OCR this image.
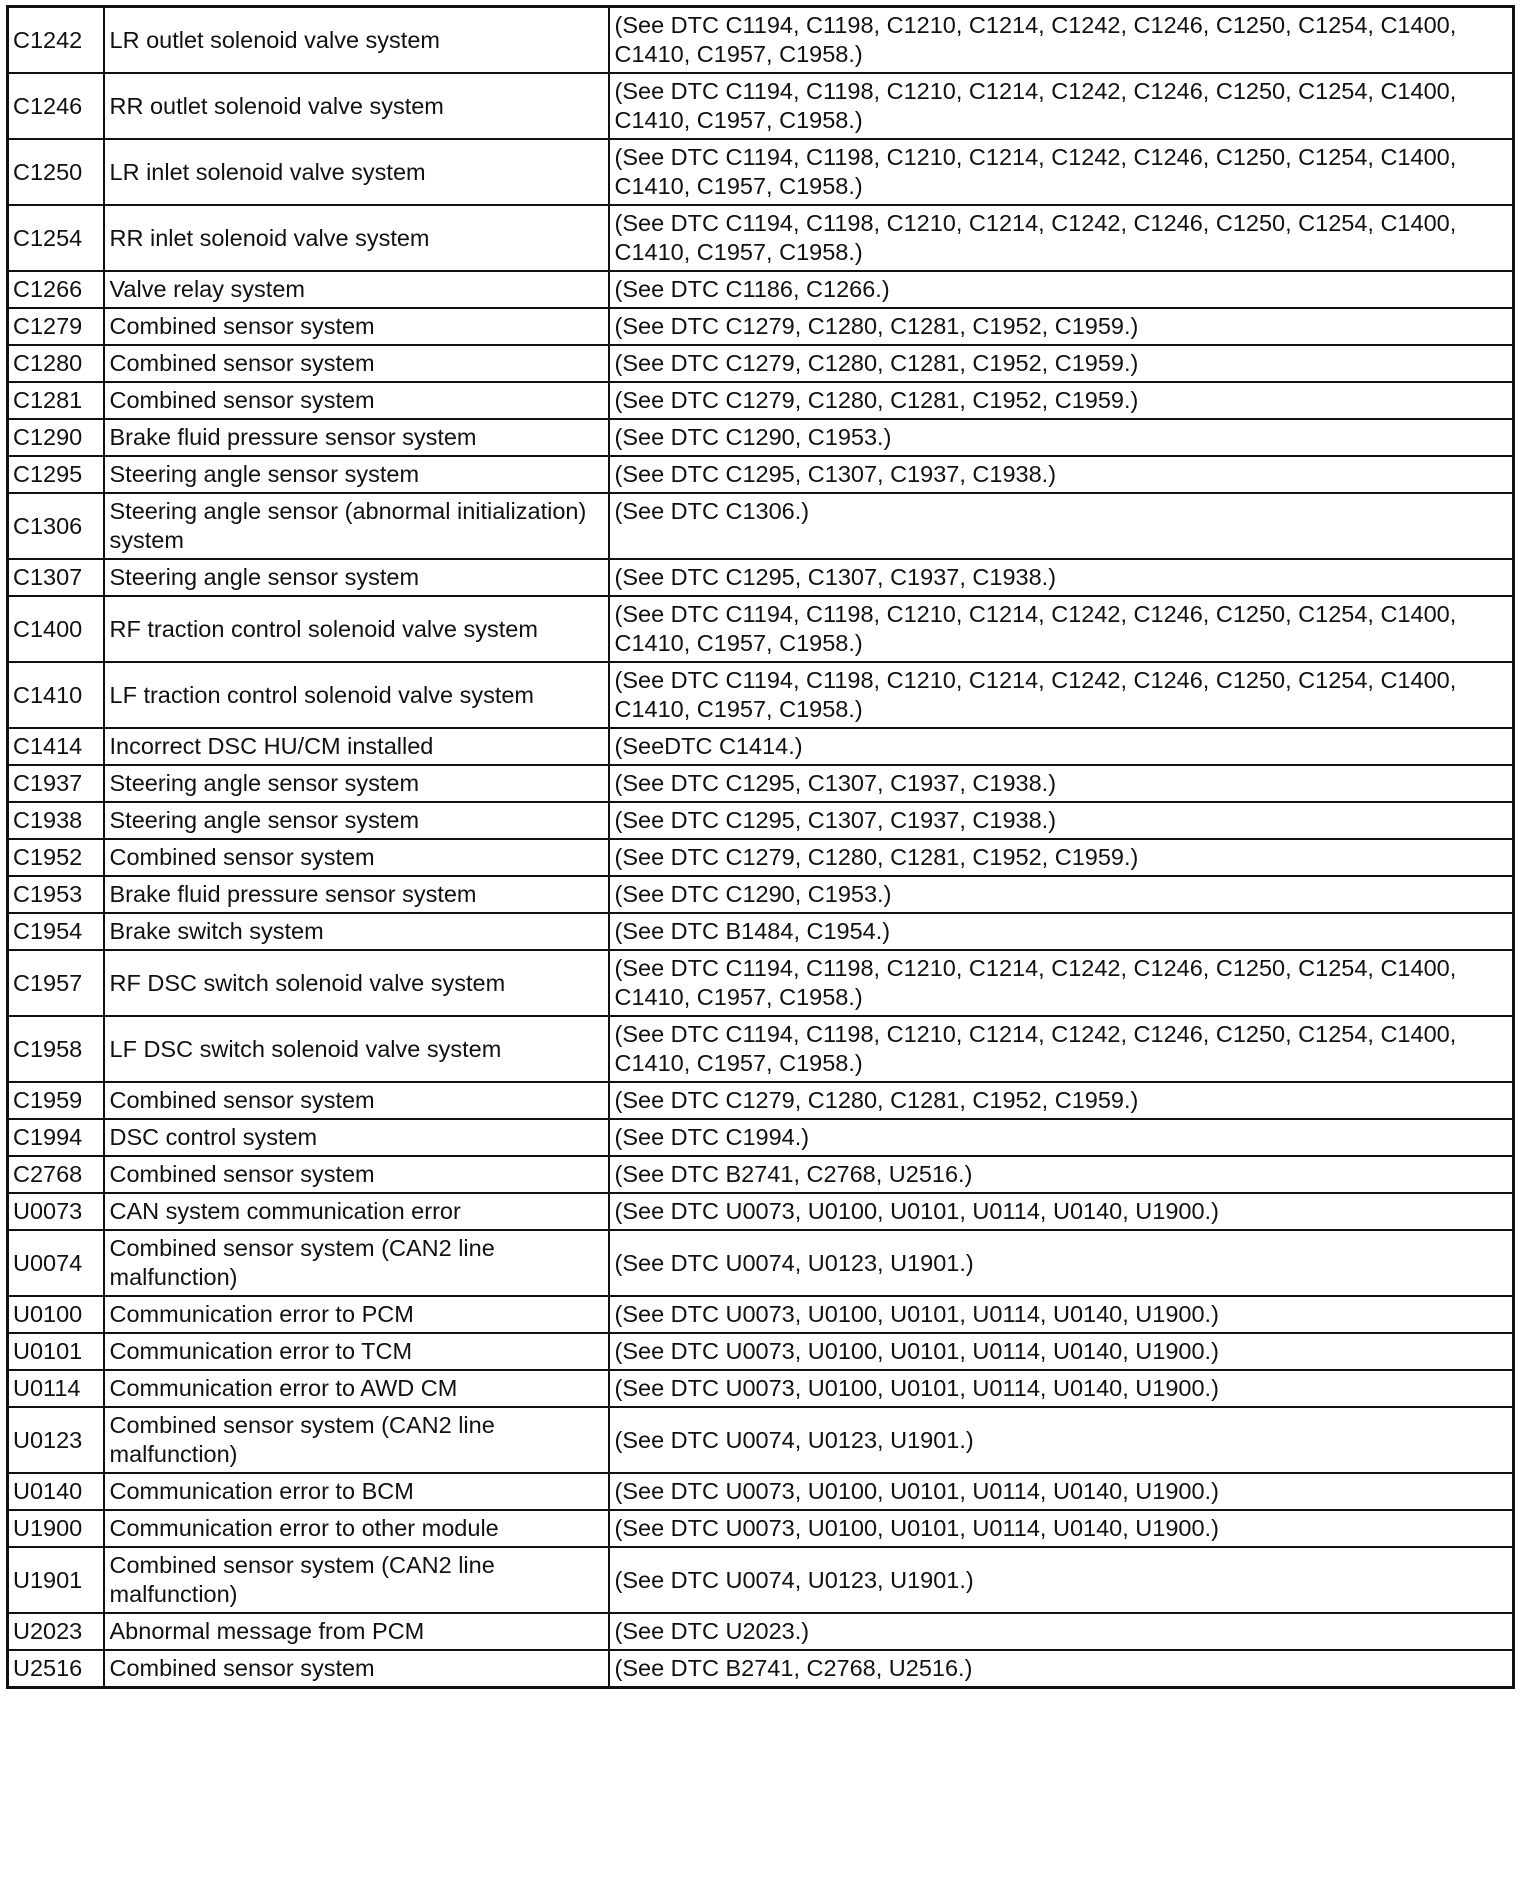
C1242	LR outlet solenoid valve system	(See DTC C1194, C1198, C1210, C1214, C1242, C1246, C1250, C1254, C1400, C1410, C1957, C1958.)
C1246	RR outlet solenoid valve system	(See DTC C1194, C1198, C1210, C1214, C1242, C1246, C1250, C1254, C1400, C1410, C1957, C1958.)
C1250	LR inlet solenoid valve system	(See DTC C1194, C1198, C1210, C1214, C1242, C1246, C1250, C1254, C1400, C1410, C1957, C1958.)
C1254	RR inlet solenoid valve system	(See DTC C1194, C1198, C1210, C1214, C1242, C1246, C1250, C1254, C1400, C1410, C1957, C1958.)
C1266	Valve relay system	(See DTC C1186, C1266.)
C1279	Combined sensor system	(See DTC C1279, C1280, C1281, C1952, C1959.)
C1280	Combined sensor system	(See DTC C1279, C1280, C1281, C1952, C1959.)
C1281	Combined sensor system	(See DTC C1279, C1280, C1281, C1952, C1959.)
C1290	Brake fluid pressure sensor system	(See DTC C1290, C1953.)
C1295	Steering angle sensor system	(See DTC C1295, C1307, C1937, C1938.)
C1306	Steering angle sensor (abnormal initialization) system	(See DTC C1306.)
C1307	Steering angle sensor system	(See DTC C1295, C1307, C1937, C1938.)
C1400	RF traction control solenoid valve system	(See DTC C1194, C1198, C1210, C1214, C1242, C1246, C1250, C1254, C1400, C1410, C1957, C1958.)
C1410	LF traction control solenoid valve system	(See DTC C1194, C1198, C1210, C1214, C1242, C1246, C1250, C1254, C1400, C1410, C1957, C1958.)
C1414	Incorrect DSC HU/CM installed	(SeeDTC C1414.)
C1937	Steering angle sensor system	(See DTC C1295, C1307, C1937, C1938.)
C1938	Steering angle sensor system	(See DTC C1295, C1307, C1937, C1938.)
C1952	Combined sensor system	(See DTC C1279, C1280, C1281, C1952, C1959.)
C1953	Brake fluid pressure sensor system	(See DTC C1290, C1953.)
C1954	Brake switch system	(See DTC B1484, C1954.)
C1957	RF DSC switch solenoid valve system	(See DTC C1194, C1198, C1210, C1214, C1242, C1246, C1250, C1254, C1400, C1410, C1957, C1958.)
C1958	LF DSC switch solenoid valve system	(See DTC C1194, C1198, C1210, C1214, C1242, C1246, C1250, C1254, C1400, C1410, C1957, C1958.)
C1959	Combined sensor system	(See DTC C1279, C1280, C1281, C1952, C1959.)
C1994	DSC control system	(See DTC C1994.)
C2768	Combined sensor system	(See DTC B2741, C2768, U2516.)
U0073	CAN system communication error	(See DTC U0073, U0100, U0101, U0114, U0140, U1900.)
U0074	Combined sensor system (CAN2 line malfunction)	(See DTC U0074, U0123, U1901.)
U0100	Communication error to PCM	(See DTC U0073, U0100, U0101, U0114, U0140, U1900.)
U0101	Communication error to TCM	(See DTC U0073, U0100, U0101, U0114, U0140, U1900.)
U0114	Communication error to AWD CM	(See DTC U0073, U0100, U0101, U0114, U0140, U1900.)
U0123	Combined sensor system (CAN2 line malfunction)	(See DTC U0074, U0123, U1901.)
U0140	Communication error to BCM	(See DTC U0073, U0100, U0101, U0114, U0140, U1900.)
U1900	Communication error to other module	(See DTC U0073, U0100, U0101, U0114, U0140, U1900.)
U1901	Combined sensor system (CAN2 line malfunction)	(See DTC U0074, U0123, U1901.)
U2023	Abnormal message from PCM	(See DTC U2023.)
U2516	Combined sensor system	(See DTC B2741, C2768, U2516.)
